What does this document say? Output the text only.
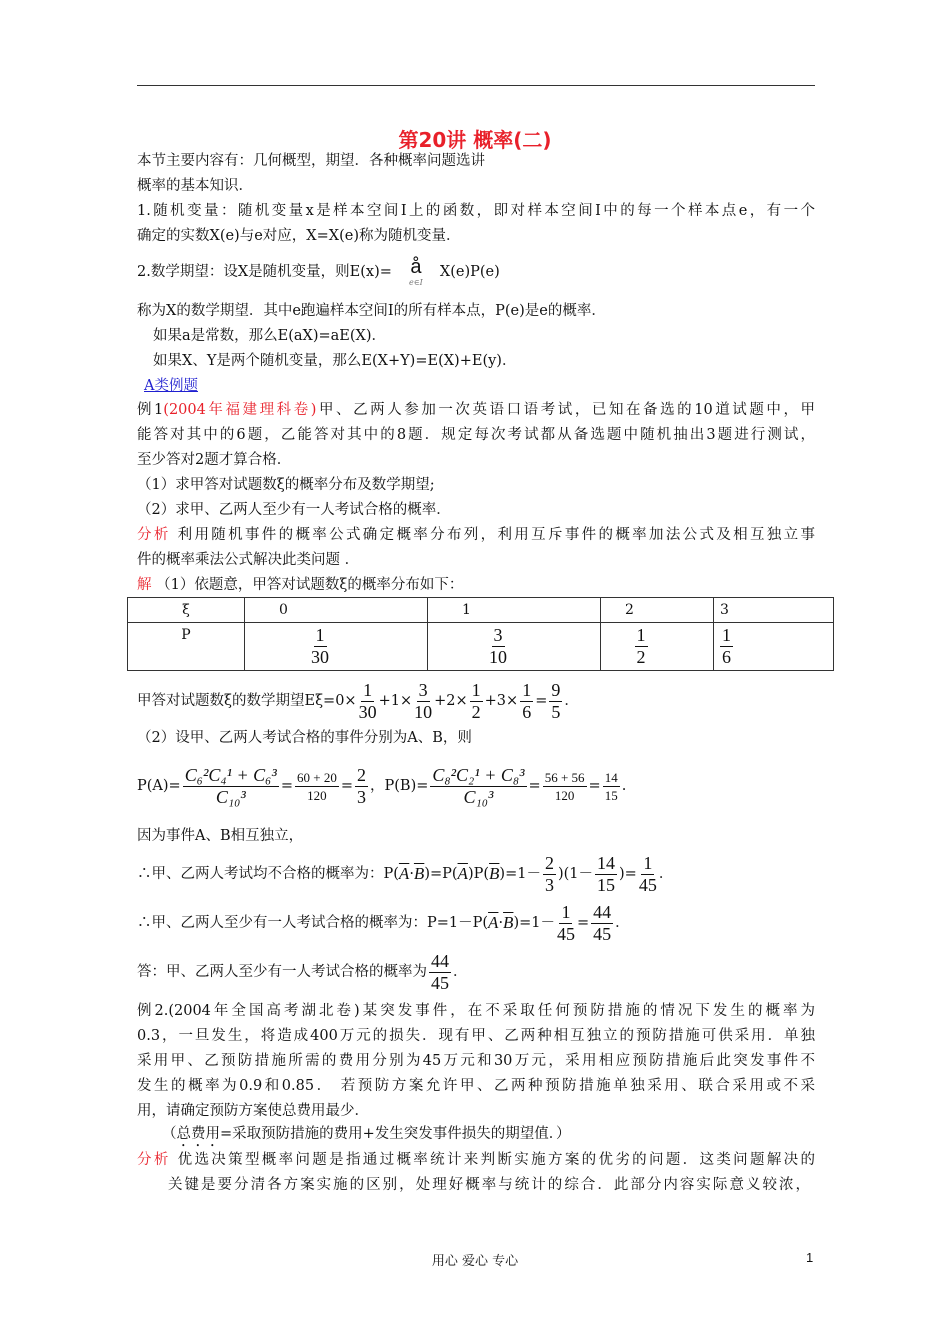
第20讲 概率(二)
本节主要内容有：几何概型，期望．各种概率问题选讲
概率的基本知识．
1.随机变量：随机变量x是样本空间I上的函数，即对样本空间I中的每一个样本点e，有一个
确定的实数X(e)与e对应，X=X(e)称为随机变量．
2.数学期望：设X是随机变量，则E(x)= å
e∈I
X(e)P(e)
称为X的数学期望．其中e跑遍样本空间I的所有样本点，P(e)是e的概率．
如果a是常数，那么E(aX)=aE(X)．
如果X、Y是两个随机变量，那么E(X+Y)=E(X)+E(y)．
A类例题
例1(2004年福建理科卷)甲、乙两人参加一次英语口语考试，已知在备选的10道试题中，甲
能答对其中的6题，乙能答对其中的8题．规定每次考试都从备选题中随机抽出3题进行测试，
至少答对2题才算合格．
（1）求甲答对试题数ξ的概率分布及数学期望;
（2）求甲、乙两人至少有一人考试合格的概率．
分析 利用随机事件的概率公式确定概率分布列，利用互斥事件的概率加法公式及相互独立事
件的概率乘法公式解决此类问题 ．
解 （1）依题意，甲答对试题数ξ的概率分布如下：
ξ	0	1	2	3
P	$\frac{1}{30}$	$\frac{3}{10}$	$\frac{1}{2}$	$\frac{1}{6}$
甲答对试题数ξ的数学期望$E\xi=0\times \frac{1}{30} +1\times \frac{3}{10} +2\times \frac{1}{2} +3\times \frac{1}{6} = \frac{9}{5}$ ．
（2）设甲、乙两人考试合格的事件分别为A、B，则
$P(A)= \frac{\text{C₆²C₄¹ + C₆³}}{\text{C₁₀³}} = \frac{60 + 20}{120} = \frac{2}{3}$ ， $P(B)= \frac{\text{C₈²C₂¹ + C₈³}}{\text{C₁₀³}} = \frac{56 + 56}{120} = \frac{14}{15}$ .
因为事件A、B相互独立，
∴甲、乙两人考试均不合格的概率为：P( $\overline{A} \cdot \overline{B}$ )=P( $\overline{A}$ )P( $\overline{B}$ )$=1- \frac{2}{3} )(1- \frac{14}{15}$ )= $\frac{1}{45}$ ．
∴甲、乙两人至少有一人考试合格的概率为：P=1－P( $\overline{A} \cdot \overline{B}$ )$=1- \frac{1}{45} = \frac{44}{45}$ ．
答：甲、乙两人至少有一人考试合格的概率为 $\frac{44}{45}$ ．
例2.(2004年全国高考湖北卷)某突发事件，在不采取任何预防措施的情况下发生的概率为
0.3，一旦发生，将造成400万元的损失．现有甲、乙两种相互独立的预防措施可供采用．单独
采用甲、乙预防措施所需的费用分别为45万元和30万元，采用相应预防措施后此突发事件不
发生的概率为0.9和0.85． 若预防方案允许甲、乙两种预防措施单独采用、联合采用或不采
用，请确定预防方案使总费用最少．
（总费用=采取预防措施的费用+发生突发事件损失的期望值．）
分析 优选决策型概率问题是指通过概率统计来判断实施方案的优劣的问题．这类问题解决的
关键是要分清各方案实施的区别，处理好概率与统计的综合．此部分内容实际意义较浓，
用心 爱心 专心	1
